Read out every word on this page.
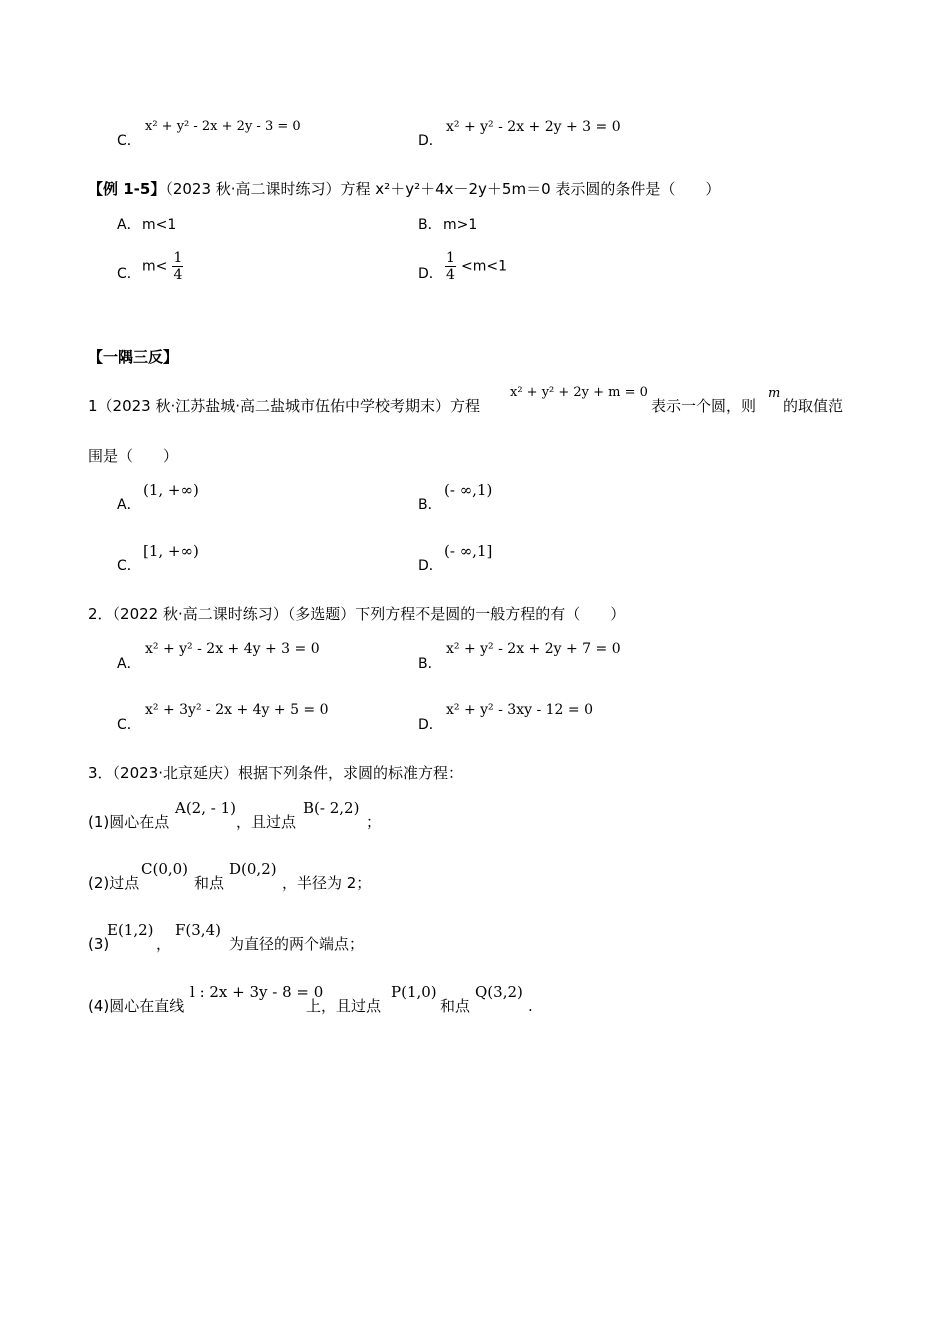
C．
x² + y² - 2x + 2y - 3 = 0
D．
x² + y² - 2x + 2y + 3 = 0
【例 1-5】（2023 秋·高二课时练习）方程 x²＋y²＋4x－2y＋5m＝0 表示圆的条件是（　　）
A． m<1	B． m>1
C． $m< \frac{1}{4}$	D． $\frac{1}{4} <m<1$
【一隅三反】
1（2023 秋·江苏盐城·高二盐城市伍佑中学校考期末）方程
x² + y² + 2y + m = 0
表示一个圆，则
m
的取值范
围是（　　）
A．
(1, +∞)
B．
(- ∞,1)
C．
[1, +∞)
D．
(- ∞,1]
2．（2022 秋·高二课时练习）（多选题）下列方程不是圆的一般方程的有（　　）
A．
x² + y² - 2x + 4y + 3 = 0
B．
x² + y² - 2x + 2y + 7 = 0
C．
x² + 3y² - 2x + 4y + 5 = 0
D．
x² + y² - 3xy - 12 = 0
3．（2023·北京延庆）根据下列条件，求圆的标准方程：
(1)圆心在点
A(2, - 1)
，且过点
B(- 2,2)
；
(2)过点
C(0,0)
和点
D(0,2)
，半径为 2；
(3)
E(1,2)
，
F(3,4)
为直径的两个端点；
(4)圆心在直线
l : 2x + 3y - 8 = 0
上，且过点
P(1,0)
和点
Q(3,2)
.
